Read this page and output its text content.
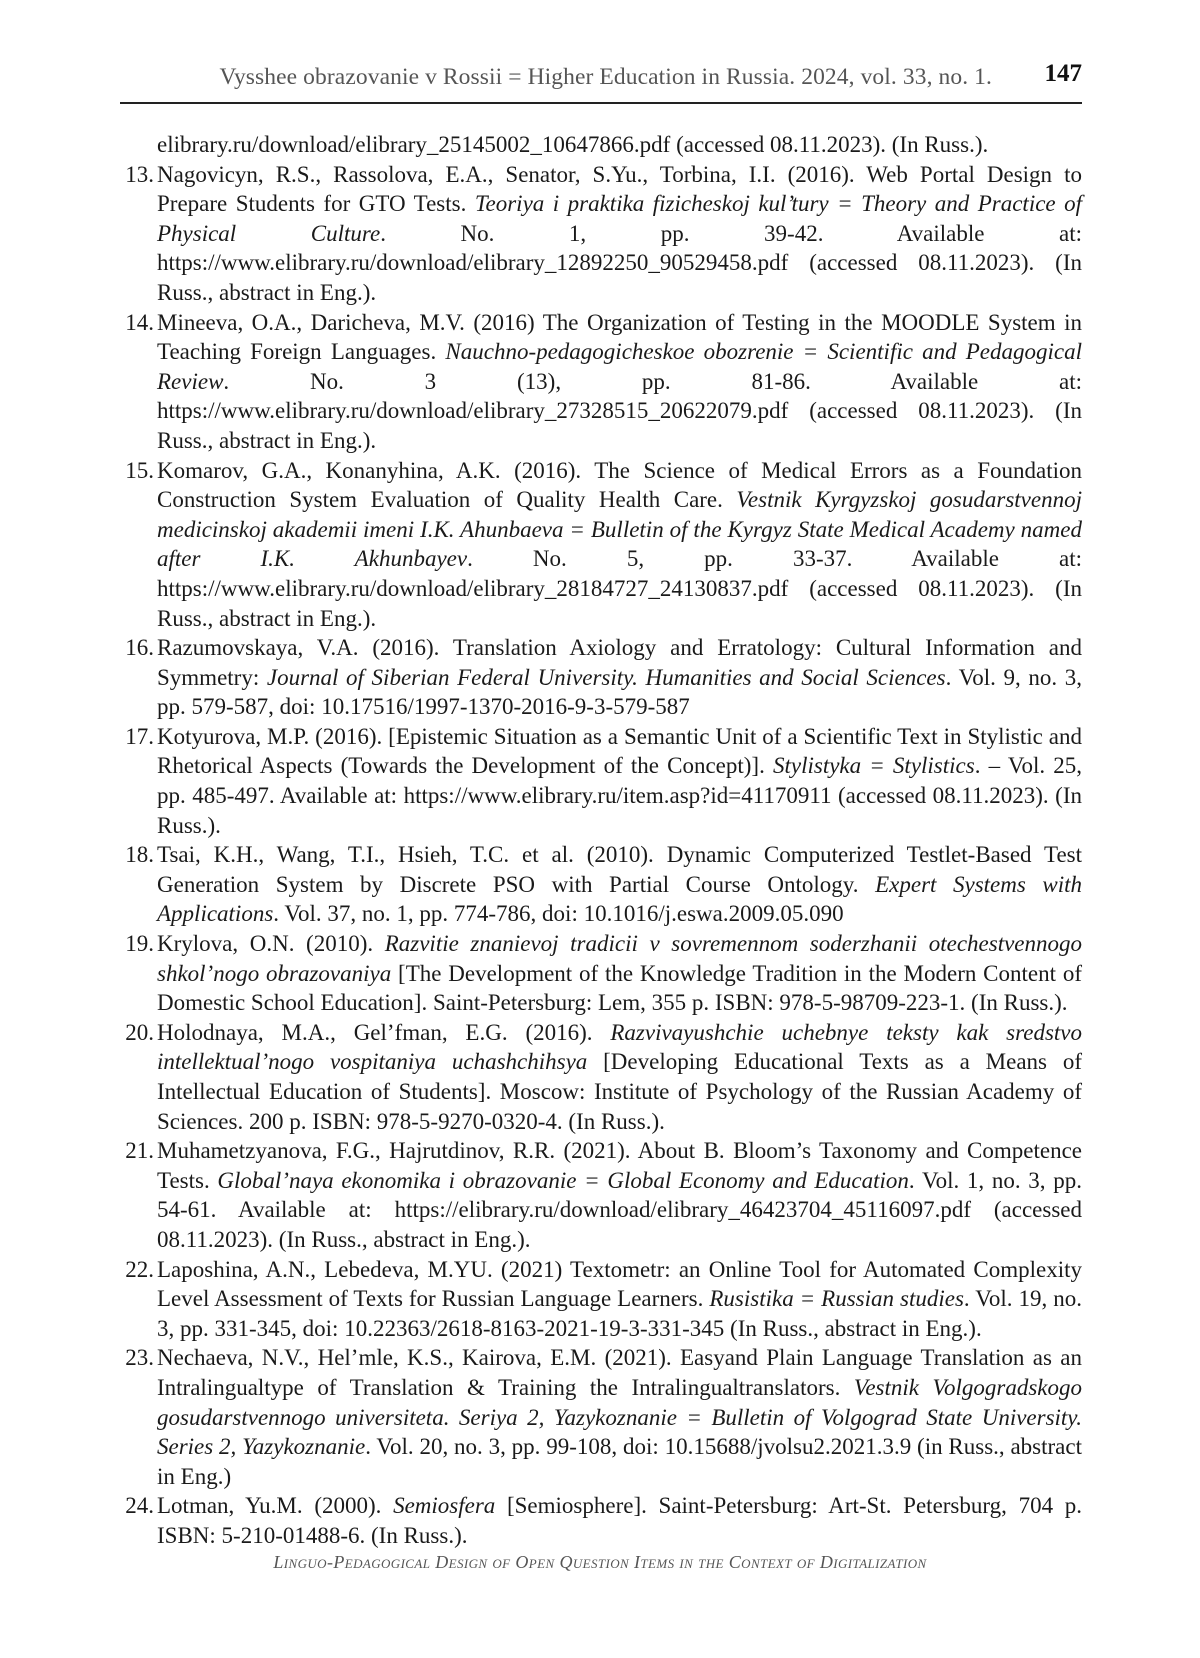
Vysshee obrazovanie v Rossii = Higher Education in Russia. 2024, vol. 33, no. 1. 147
elibrary.ru/download/elibrary_25145002_10647866.pdf (accessed 08.11.2023). (In Russ.).
13. Nagovicyn, R.S., Rassolova, E.A., Senator, S.Yu., Torbina, I.I. (2016). Web Portal Design to Prepare Students for GTO Tests. Teoriya i praktika fizicheskoj kul’tury = Theory and Practice of Physical Culture. No. 1, pp. 39-42. Available at: https://www.elibrary.ru/download/elibrary_12892250_90529458.pdf (accessed 08.11.2023). (In Russ., abstract in Eng.).
14. Mineeva, O.A., Daricheva, M.V. (2016) The Organization of Testing in the MOODLE System in Teaching Foreign Languages. Nauchno-pedagogicheskoe obozrenie = Scientific and Pedagogical Review. No. 3 (13), pp. 81-86. Available at: https://www.elibrary.ru/download/elibrary_27328515_20622079.pdf (accessed 08.11.2023). (In Russ., abstract in Eng.).
15. Komarov, G.A., Konanyhina, A.K. (2016). The Science of Medical Errors as a Foundation Construction System Evaluation of Quality Health Care. Vestnik Kyrgyzskoj gosudarstvennoj medicinskoj akademii imeni I.K. Ahunbaeva = Bulletin of the Kyrgyz State Medical Academy named after I.K. Akhunbayev. No. 5, pp. 33-37. Available at: https://www.elibrary.ru/download/elibrary_28184727_24130837.pdf (accessed 08.11.2023). (In Russ., abstract in Eng.).
16. Razumovskaya, V.A. (2016). Translation Axiology and Erratology: Cultural Information and Symmetry: Journal of Siberian Federal University. Humanities and Social Sciences. Vol. 9, no. 3, pp. 579-587, doi: 10.17516/1997-1370-2016-9-3-579-587
17. Kotyurova, M.P. (2016). [Epistemic Situation as a Semantic Unit of a Scientific Text in Stylistic and Rhetorical Aspects (Towards the Development of the Concept)]. Stylistyka = Stylistics. – Vol. 25, pp. 485-497. Available at: https://www.elibrary.ru/item.asp?id=41170911 (accessed 08.11.2023). (In Russ.).
18. Tsai, K.H., Wang, T.I., Hsieh, T.C. et al. (2010). Dynamic Computerized Testlet-Based Test Generation System by Discrete PSO with Partial Course Ontology. Expert Systems with Applications. Vol. 37, no. 1, pp. 774-786, doi: 10.1016/j.eswa.2009.05.090
19. Krylova, O.N. (2010). Razvitie znanievoj tradicii v sovremennom soderzhanii otechestvennogo shkol’nogo obrazovaniya [The Development of the Knowledge Tradition in the Modern Content of Domestic School Education]. Saint-Petersburg: Lem, 355 p. ISBN: 978-5-98709-223-1. (In Russ.).
20. Holodnaya, M.A., Gel’fman, E.G. (2016). Razvivayushchie uchebnye teksty kak sredstvo intellektual’nogo vospitaniya uchashchihsya [Developing Educational Texts as a Means of Intellectual Education of Students]. Moscow: Institute of Psychology of the Russian Academy of Sciences. 200 p. ISBN: 978-5-9270-0320-4. (In Russ.).
21. Muhametzyanova, F.G., Hajrutdinov, R.R. (2021). About B. Bloom’s Taxonomy and Competence Tests. Global’naya ekonomika i obrazovanie = Global Economy and Education. Vol. 1, no. 3, pp. 54-61. Available at: https://elibrary.ru/download/elibrary_46423704_45116097.pdf (accessed 08.11.2023). (In Russ., abstract in Eng.).
22. Laposhina, A.N., Lebedeva, M.YU. (2021) Textometr: an Online Tool for Automated Complexity Level Assessment of Texts for Russian Language Learners. Rusistika = Russian studies. Vol. 19, no. 3, pp. 331-345, doi: 10.22363/2618-8163-2021-19-3-331-345 (In Russ., abstract in Eng.).
23. Nechaeva, N.V., Hel’mle, K.S., Kairova, E.M. (2021). Easyand Plain Language Translation as an Intralingualtype of Translation & Training the Intralingualtranslators. Vestnik Volgogradskogo gosudarstvennogo universiteta. Seriya 2, Yazykoznanie = Bulletin of Volgograd State University. Series 2, Yazykoznanie. Vol. 20, no. 3, pp. 99-108, doi: 10.15688/jvolsu2.2021.3.9 (in Russ., abstract in Eng.)
24. Lotman, Yu.M. (2000). Semiosfera [Semiosphere]. Saint-Petersburg: Art-St. Petersburg, 704 p. ISBN: 5-210-01488-6. (In Russ.).
Linguo-Pedagogical Design of Open Question Items in the Context of Digitalization
